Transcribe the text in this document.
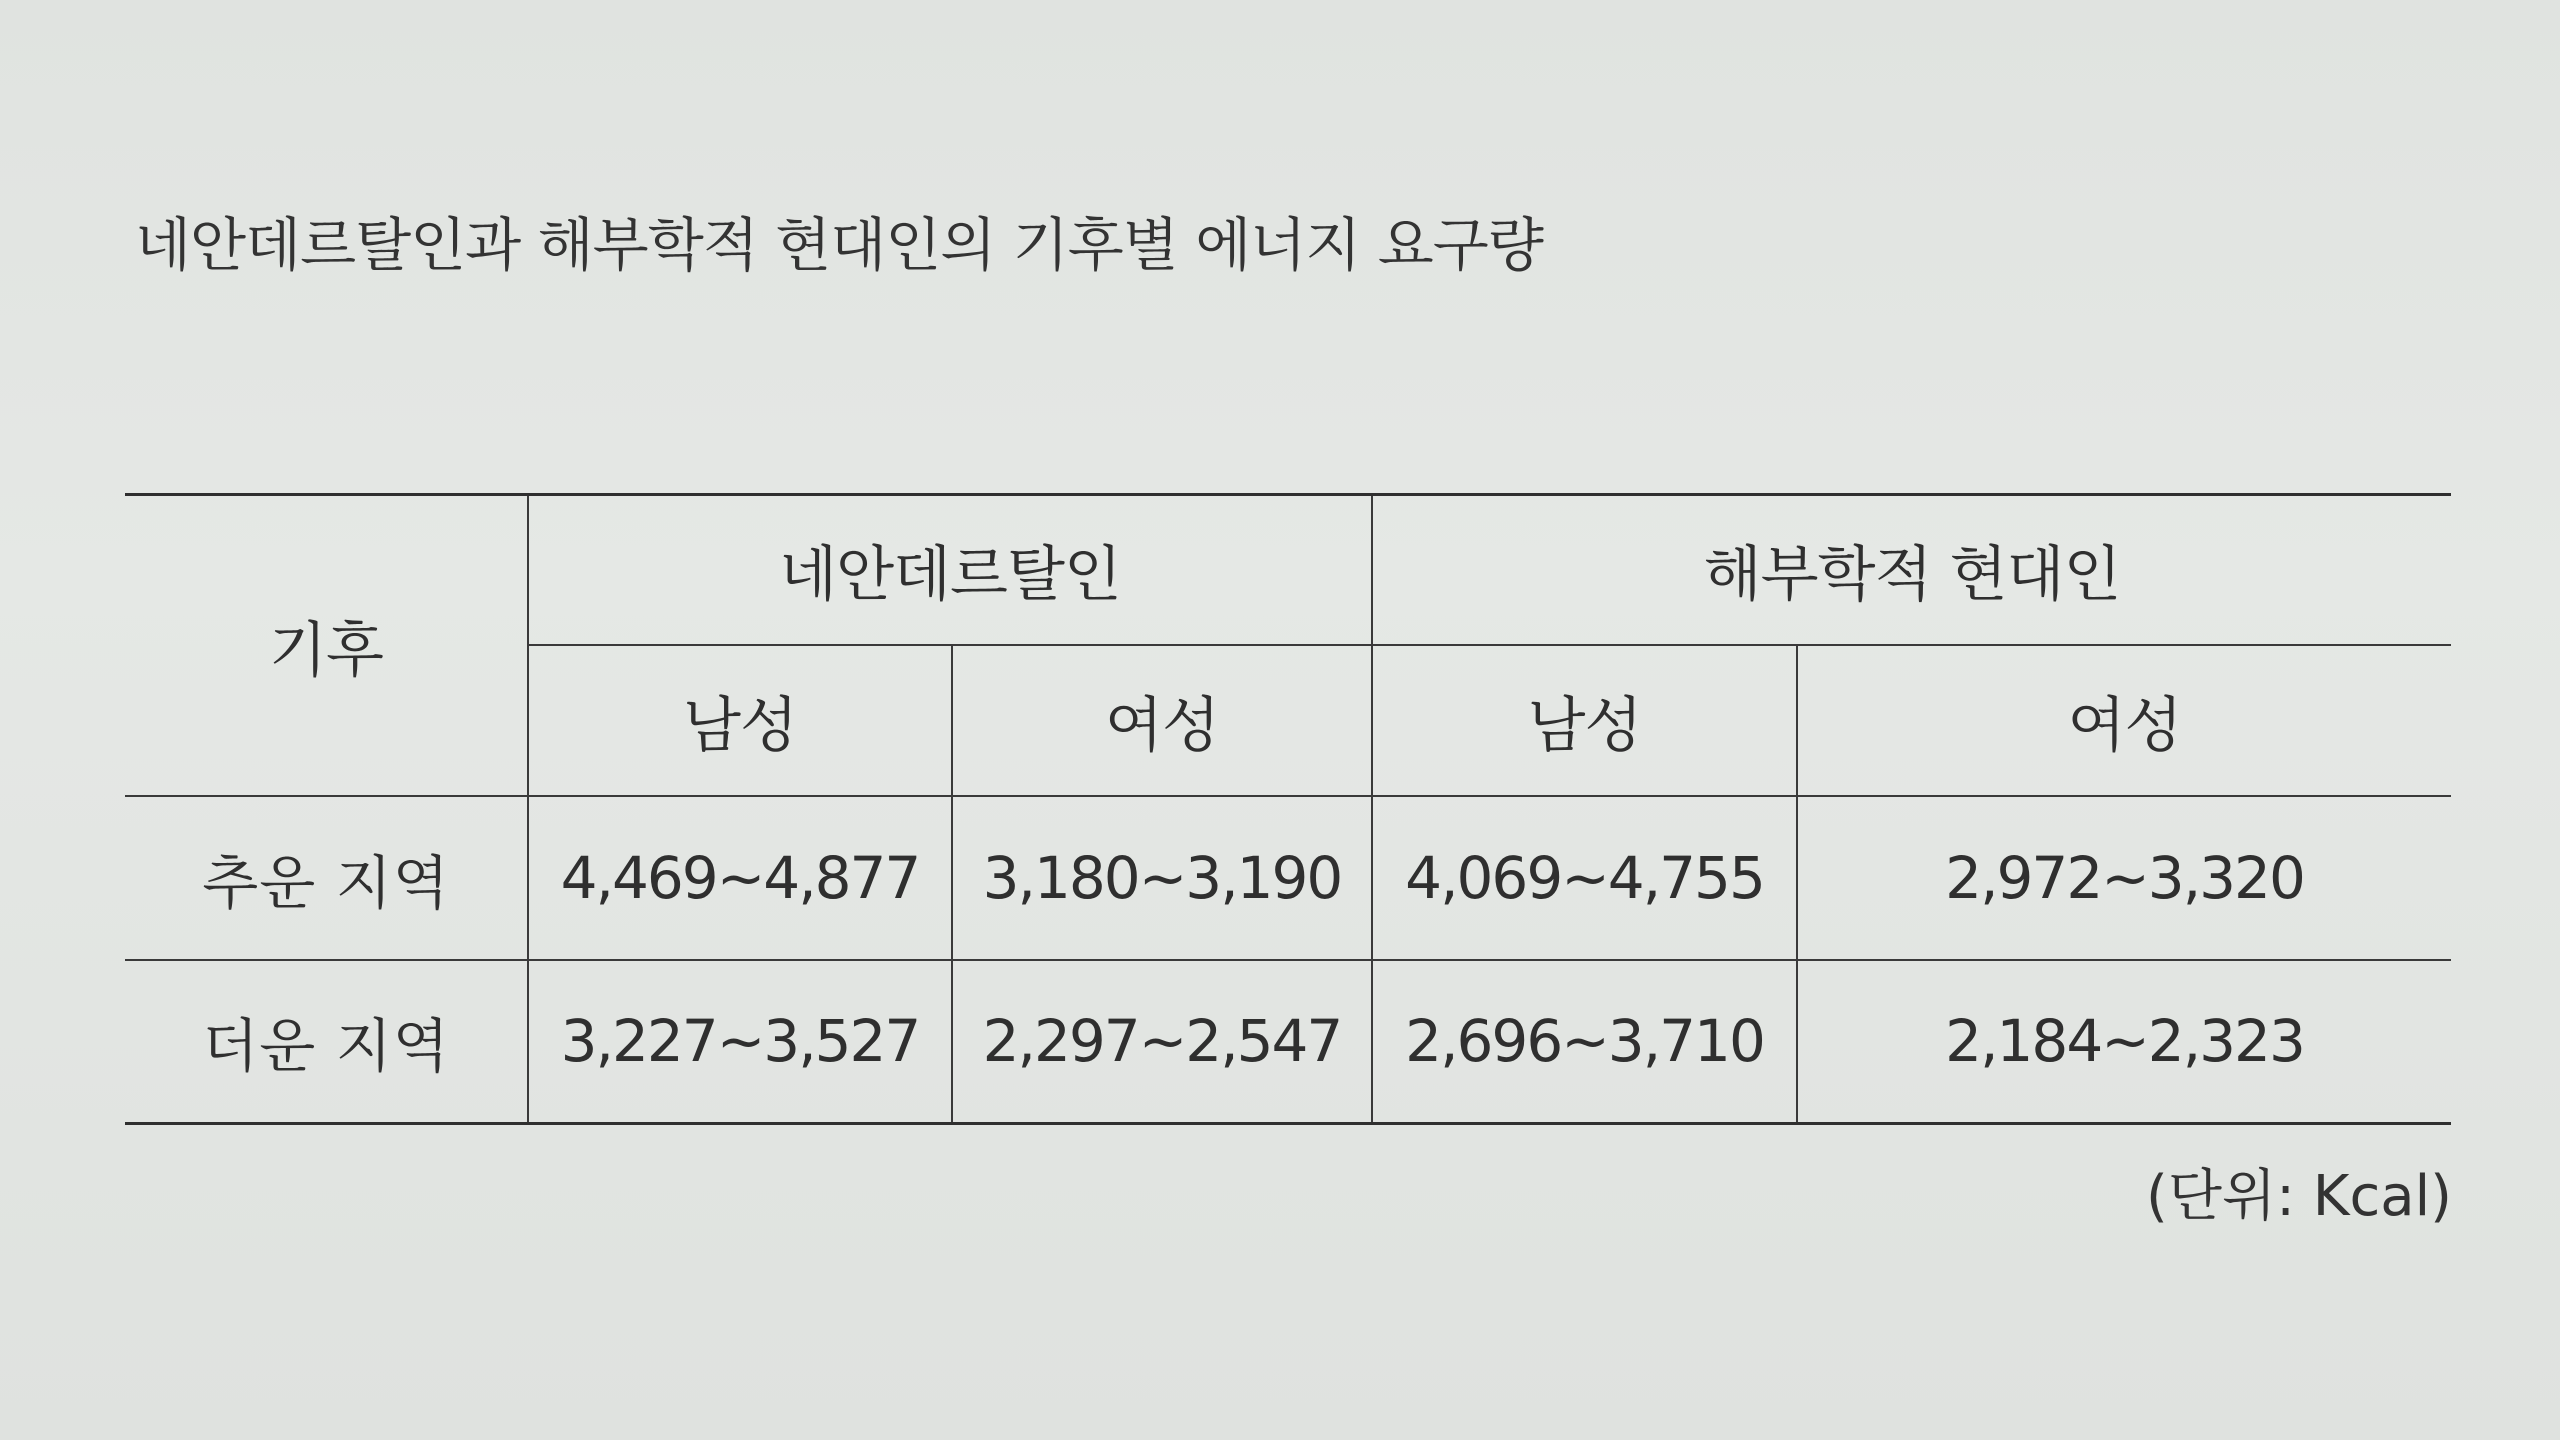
네안데르탈인과 해부학적 현대인의 기후별 에너지 요구량
기후	네안데르탈인		해부학적 현대인	
	남성	여성	남성	여성
추운 지역	4,469~4,877	3,180~3,190	4,069~4,755	2,972~3,320
더운 지역	3,227~3,527	2,297~2,547	2,696~3,710	2,184~2,323
(단위: Kcal)
